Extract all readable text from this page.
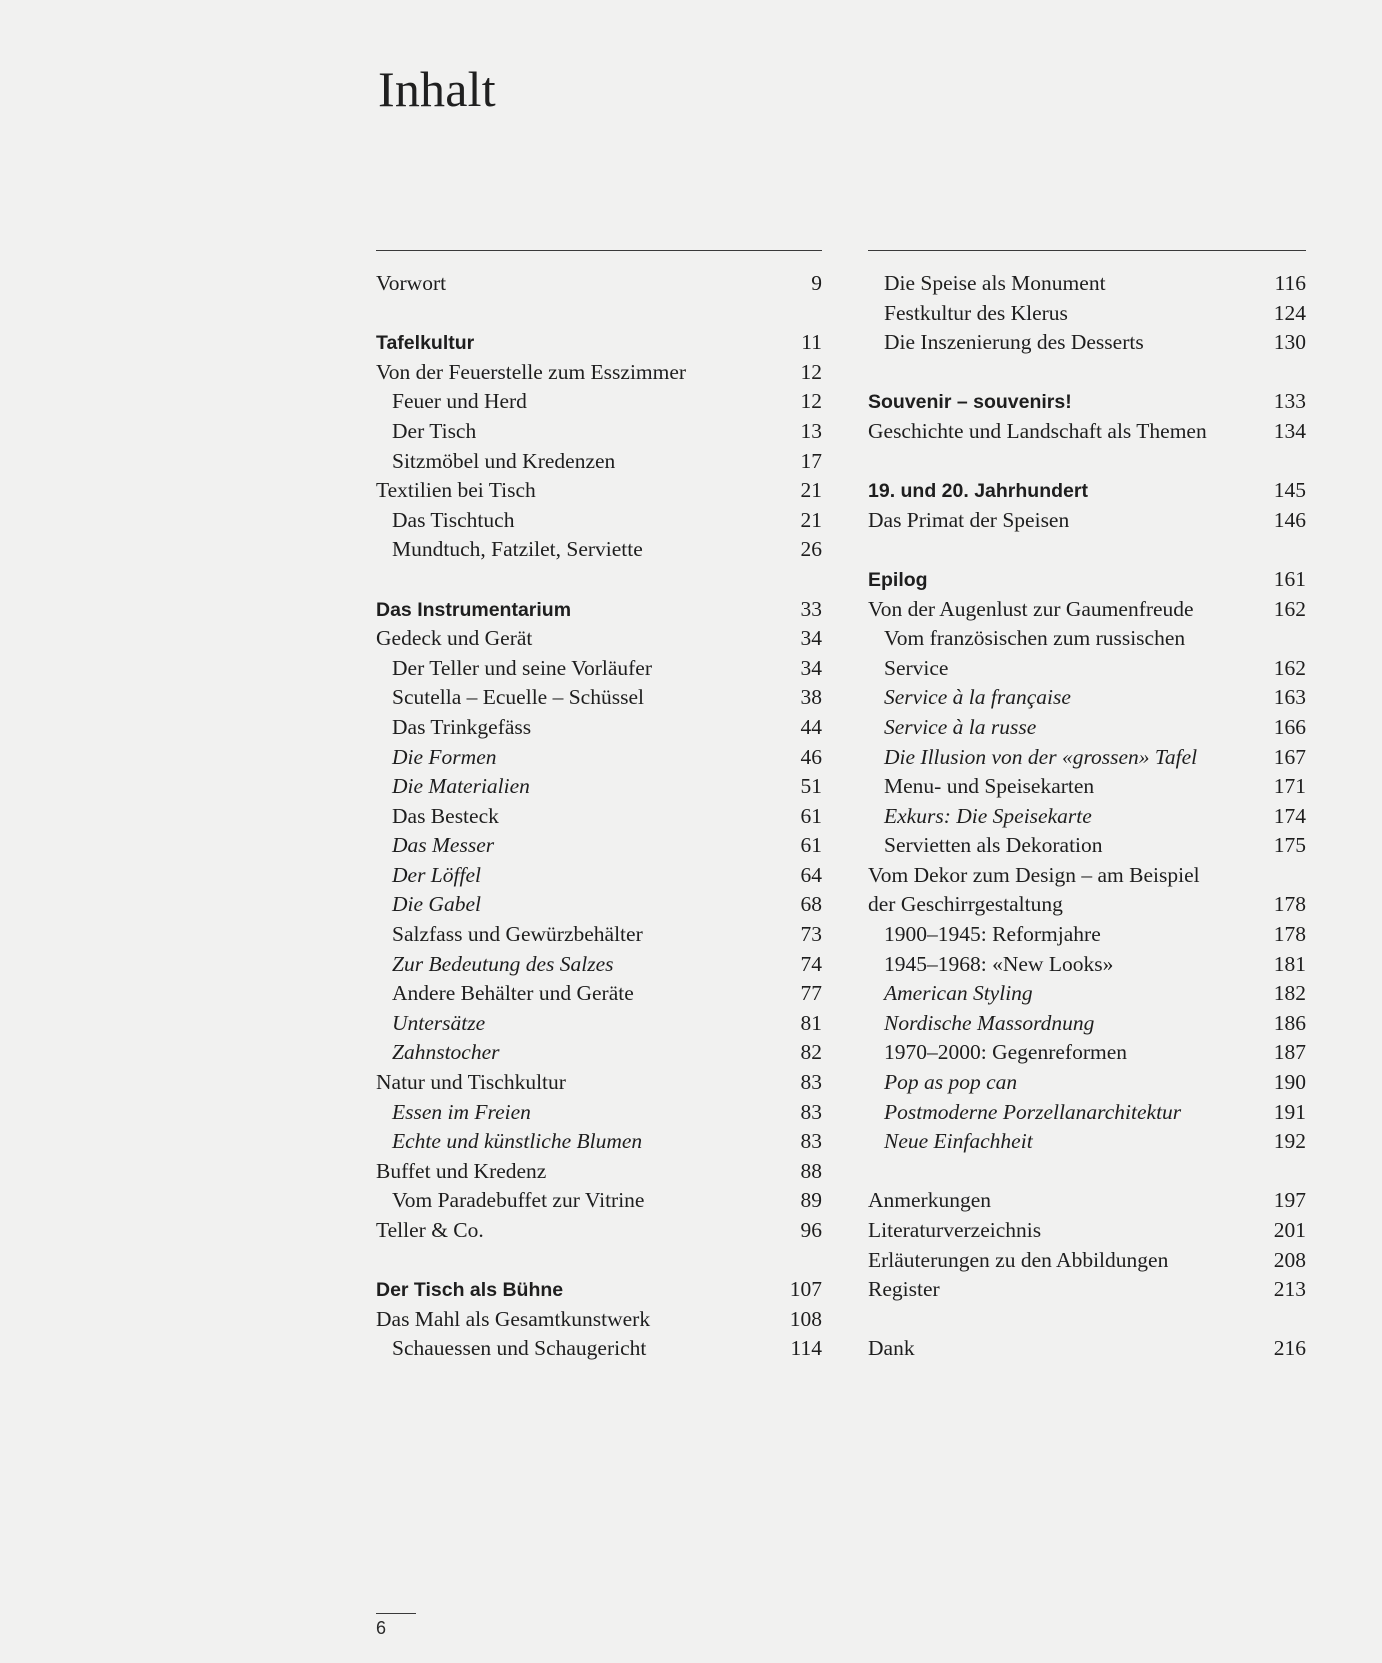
Inhalt
Vorwort	9
Tafelkultur	11
Von der Feuerstelle zum Esszimmer	12
Feuer und Herd	12
Der Tisch	13
Sitzmöbel und Kredenzen	17
Textilien bei Tisch	21
Das Tischtuch	21
Mundtuch, Fatzilet, Serviette	26
Das Instrumentarium	33
Gedeck und Gerät	34
Der Teller und seine Vorläufer	34
Scutella – Ecuelle – Schüssel	38
Das Trinkgefäss	44
Die Formen	46
Die Materialien	51
Das Besteck	61
Das Messer	61
Der Löffel	64
Die Gabel	68
Salzfass und Gewürzbehälter	73
Zur Bedeutung des Salzes	74
Andere Behälter und Geräte	77
Untersätze	81
Zahnstocher	82
Natur und Tischkultur	83
Essen im Freien	83
Echte und künstliche Blumen	83
Buffet und Kredenz	88
Vom Paradebuffet zur Vitrine	89
Teller & Co.	96
Der Tisch als Bühne	107
Das Mahl als Gesamtkunstwerk	108
Schauessen und Schaugericht	114
Die Speise als Monument	116
Festkultur des Klerus	124
Die Inszenierung des Desserts	130
Souvenir – souvenirs!	133
Geschichte und Landschaft als Themen	134
19. und 20. Jahrhundert	145
Das Primat der Speisen	146
Epilog	161
Von der Augenlust zur Gaumenfreude	162
Vom französischen zum russischen
Service	162
Service à la française	163
Service à la russe	166
Die Illusion von der «grossen» Tafel	167
Menu- und Speisekarten	171
Exkurs: Die Speisekarte	174
Servietten als Dekoration	175
Vom Dekor zum Design – am Beispiel
der Geschirrgestaltung	178
1900–1945: Reformjahre	178
1945–1968: «New Looks»	181
American Styling	182
Nordische Massordnung	186
1970–2000: Gegenreformen	187
Pop as pop can	190
Postmoderne Porzellanarchitektur	191
Neue Einfachheit	192
Anmerkungen	197
Literaturverzeichnis	201
Erläuterungen zu den Abbildungen	208
Register	213
Dank	216
6
